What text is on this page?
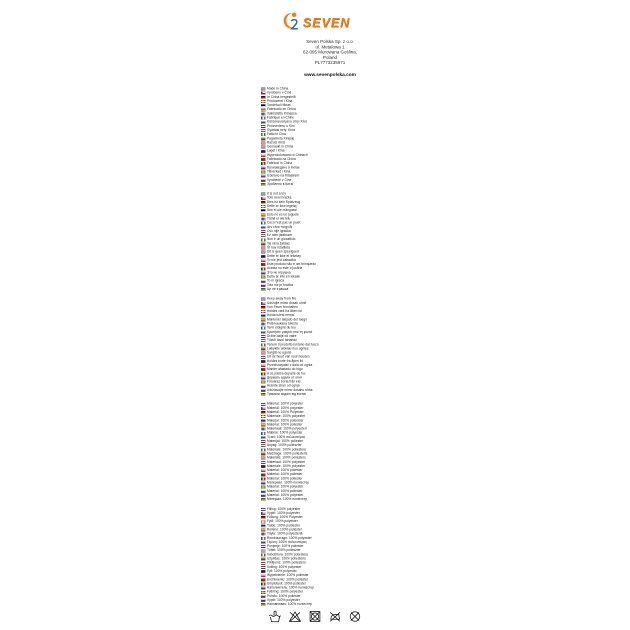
SEVEN
Seven Polska Sp. z o.o.
ul. Metalowa 1
62-095 Murowana Goślina,
Poland
PL7773235971
www.sevenpolska.com
Made in China
Vyrobeno v Číně
In China hergestellt
Produceret i Kina
Toodetud Hiinas
Fabricado en China
Valmistettu Kiinassa
Fabriqué en Chine
Κατασκευασμένο στην Κίνα
Proizvedeno u Kini
Gyártási hely: Kína
Fatto in Cina
Pagaminta Kinijoje
Ražots Ķīnā
Gemaakt in China
Laget i Kina
Wyprodukowano w Chinach
Fabricado na China
Fabricat în China
Произведено в Китае
Tillverkad i Kina
Izdelano na Kitajskem
Vyrobené v Číne
Зроблено в Китаї
It is not a toy
Toto není hračka
Dies ist kein Spielzeug
Dette er ikke legetøj
See ei ole mänguasi
Esto no es un juguete
Tämä ei ole lelu
Ceci n'est pas un jouet
Δεν είναι παιχνίδι
Ovo nije igračka
Ez nem játékszer
Non è un giocattolo
Tai nėra žaislas
Šī nav rotaļlieta
Dit is geen speelgoed
Dette er ikke et leketøy
To nie jest zabawka
Este produto não é um brinquedo
Acesta nu este o jucărie
Это не игрушка
Detta är inte en leksak
To ni igrača
Toto nie je hračka
Це не іграшка
Keep away from fire
Udržujte mimo dosah ohně
Von Feuer fernhalten
Holdes væk fra åben ild
Hoida tulest eemal
Mantener alejado del fuego
Pidä kaukana tulesta
Tenir éloigné du feu
Κρατήστε μακριά από τη φωτιά
Držite dalje od vatre
Tűztől távol tartandó
Tenere il prodotto lontano dal fuoco
Laikykite atokiau nuo ugnies
Sargāt no uguns
Uit de buurt van vuur houden
Holdes borte fra åpen ild
Przechowywać z dala od ognia
Manter afastado do fogo
A se păstra departe de foc
Держать вдали от огня
Förvaras borta från eld
Hranite stran od ognja
Udržiavajte mimo dosahu ohňa
Тримати подалі від вогню
Material: 100% polyester
Materiál: 100% polyester
Material: 100% Polyester
Materiale: 100% polyester
Materjal: 100% polüester
Material: 100% poliéster
Materiaali: 100% polyesteri
Matière: 100% polyester
Υλικό: 100% πολυεστέρας
Materijal: 100% poliester
Anyag: 100% poliészter
Materiale: 100% poliestere
Medžiaga: 100% poliesteris
Materiāls: 100% poliesters
Materiaal: 100% polyester
Materiale: 100% polyester
Materiał: 100% poliester
Material: 100% poliéster
Material: 100% poliester
Материал: 100% полиэстер
Material: 100% polyester
Material: 100% poliester
Materiál: 100% polyester
Матеріал: 100% поліестер
Filling: 100% polyester
Výplň: 100% polyester
Füllung: 100% Polyester
Fyld: 100% polyester
Täide: 100% polüester
Relleno: 100% poliéster
Täyte: 100% polyesteriä
Rembourrage: 100% polyester
Γέμιση: 100% πολυεστέρας
Punjenje: 100% poliester
Töltet: 100% poliészter
Imbottitura: 100% poliestere
Užpildas: 100% poliesteris
Pildījums: 100% poliesters
Vulling: 100% polyester
Fyll: 100% polyester
Wypełnienie: 100% poliester
Enchimento: 100% poliéster
Umplutură: 100% poliester
Наполнитель: 100% полиэстер
Fyllning: 100% polyester
Polnilo: 100% poliester
Výplň: 100% polyester
Наповнювач: 100% поліестер
